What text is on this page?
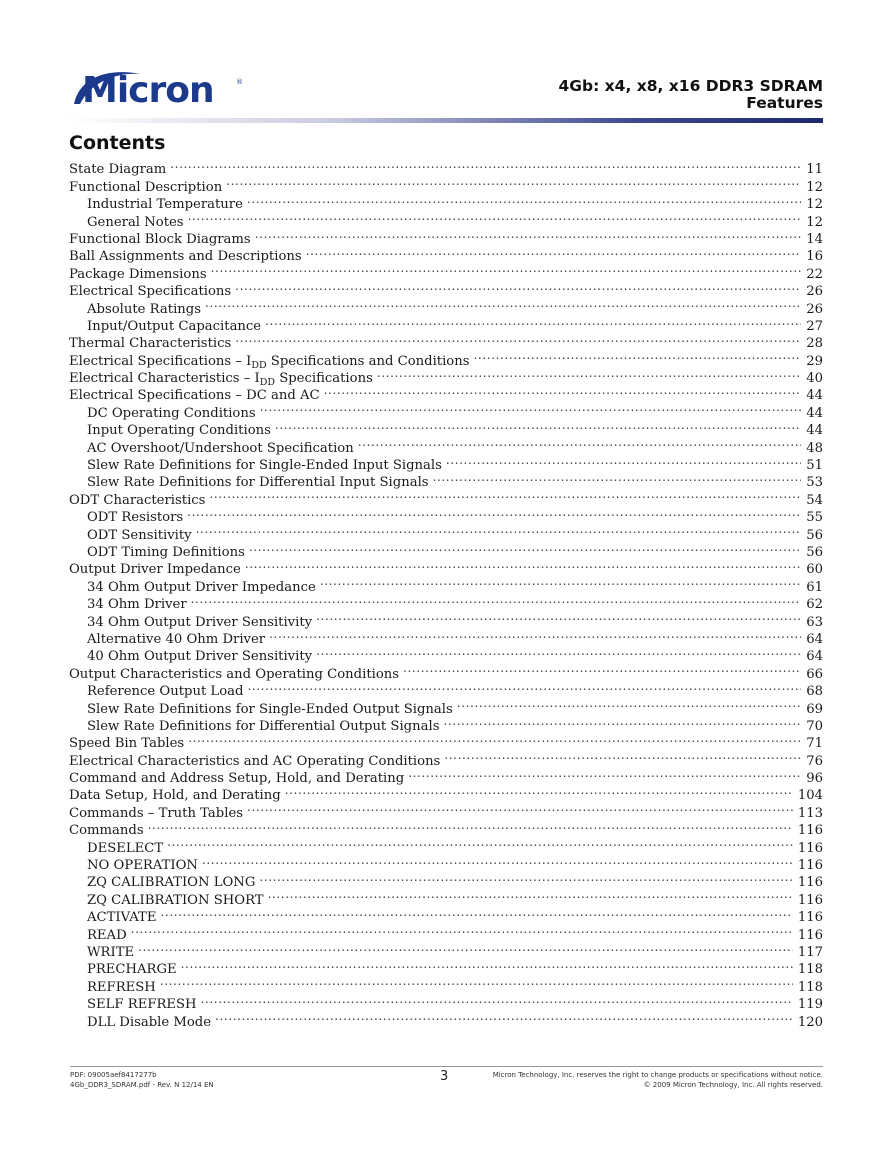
Micron	®	4Gb: x4, x8, x16 DDR3 SDRAM
Features
Contents
State Diagram .....	11
Functional Description .....	12
Industrial Temperature .....	12
General Notes .....	12
Functional Block Diagrams .....	14
Ball Assignments and Descriptions .....	16
Package Dimensions .....	22
Electrical Specifications .....	26
Absolute Ratings .....	26
Input/Output Capacitance .....	27
Thermal Characteristics .....	28
Electrical Specifications – $I_{DD}$ Specifications and Conditions .....	29
Electrical Characteristics – $I_{DD}$ Specifications .....	40
Electrical Specifications – DC and AC .....	44
DC Operating Conditions .....	44
Input Operating Conditions .....	44
AC Overshoot/Undershoot Specification .....	48
Slew Rate Definitions for Single-Ended Input Signals .....	51
Slew Rate Definitions for Differential Input Signals .....	53
ODT Characteristics .....	54
ODT Resistors .....	55
ODT Sensitivity .....	56
ODT Timing Definitions .....	56
Output Driver Impedance .....	60
34 Ohm Output Driver Impedance .....	61
34 Ohm Driver .....	62
34 Ohm Output Driver Sensitivity .....	63
Alternative 40 Ohm Driver .....	64
40 Ohm Output Driver Sensitivity .....	64
Output Characteristics and Operating Conditions .....	66
Reference Output Load .....	68
Slew Rate Definitions for Single-Ended Output Signals .....	69
Slew Rate Definitions for Differential Output Signals .....	70
Speed Bin Tables .....	71
Electrical Characteristics and AC Operating Conditions .....	76
Command and Address Setup, Hold, and Derating .....	96
Data Setup, Hold, and Derating .....	104
Commands – Truth Tables .....	113
Commands .....	116
DESELECT .....	116
NO OPERATION .....	116
ZQ CALIBRATION LONG .....	116
ZQ CALIBRATION SHORT .....	116
ACTIVATE .....	116
READ .....	116
WRITE .....	117
PRECHARGE .....	118
REFRESH .....	118
SELF REFRESH .....	119
DLL Disable Mode .....	120
PDF: 09005aef8417277b
4Gb_DDR3_SDRAM.pdf - Rev. N 12/14 EN
3	Micron Technology, Inc. reserves the right to change products or specifications without notice.
© 2009 Micron Technology, Inc. All rights reserved.
